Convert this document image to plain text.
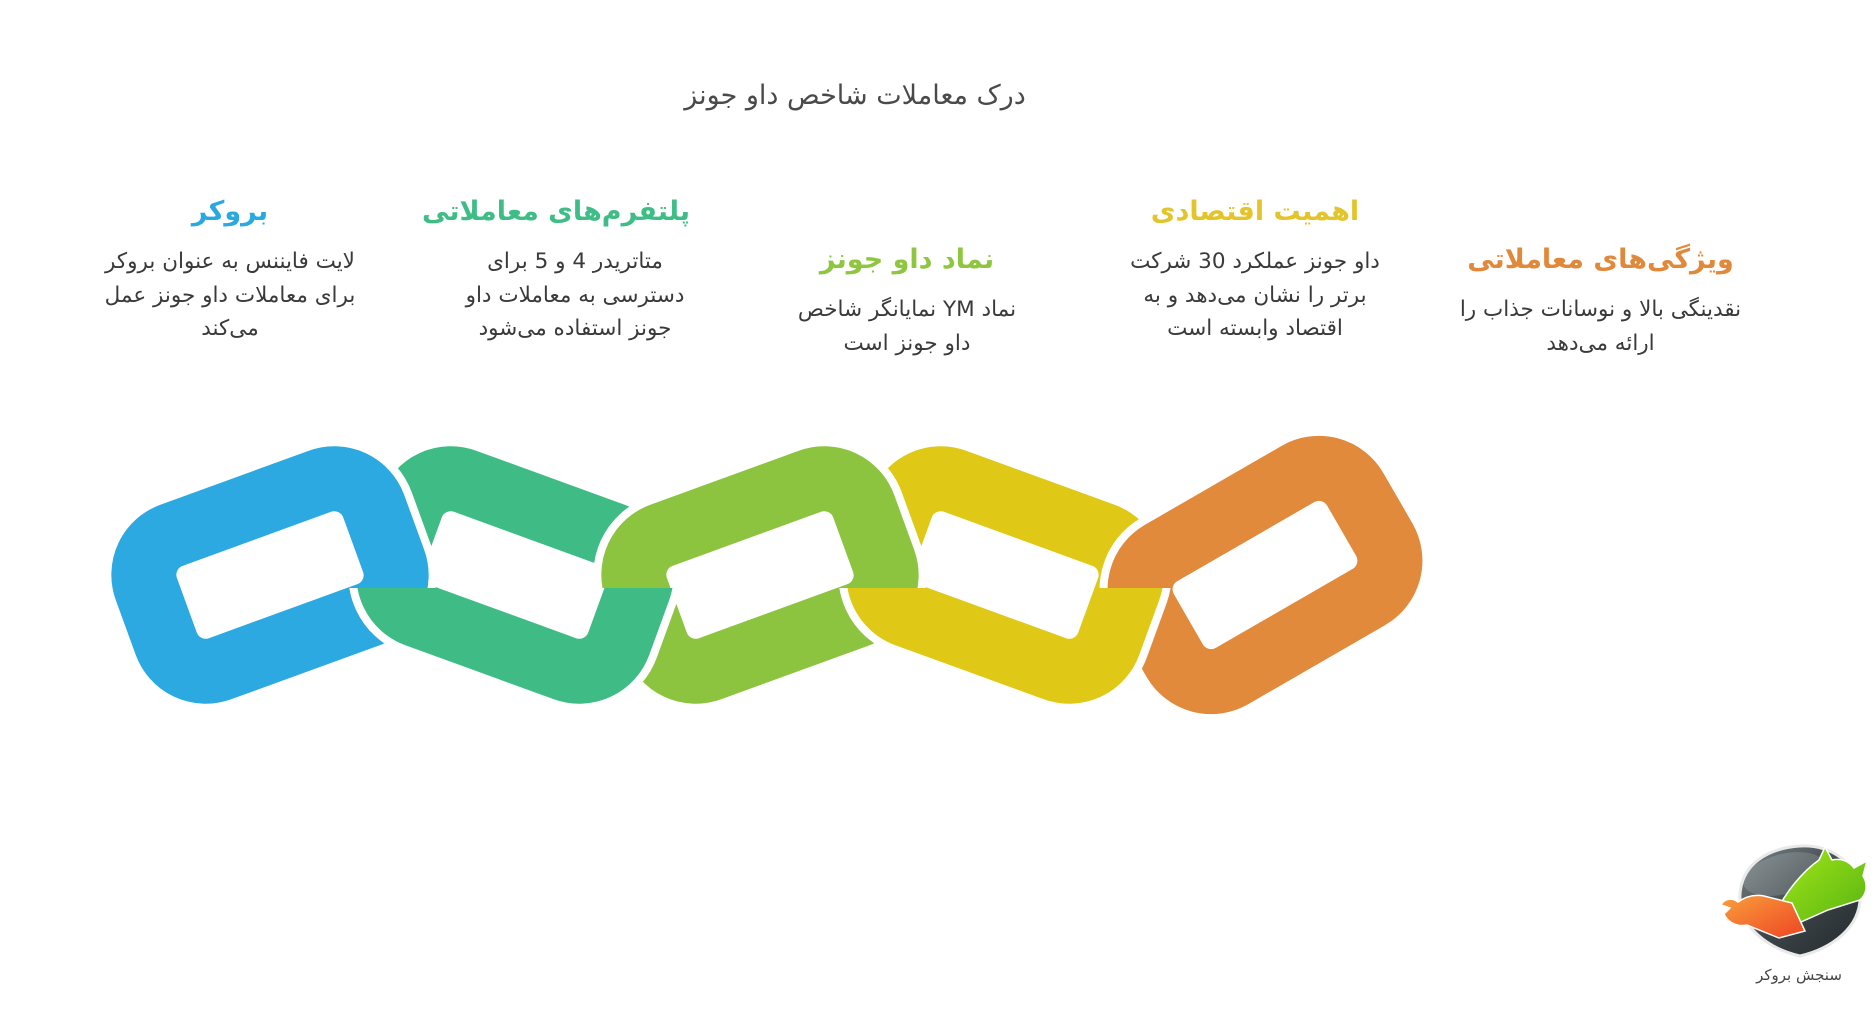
درک معاملات شاخص داو جونز
بروکر

لایت فایننس به عنوان بروکر برای معاملات داو جونز عمل می‌کند

پلتفرم‌های معاملاتی

متاتریدر 4 و 5 برای دسترسی به معاملات داو جونز استفاده می‌شود

نماد داو جونز

نماد YM نمایانگر شاخص داو جونز است

اهمیت اقتصادی

داو جونز عملکرد 30 شرکت برتر را نشان می‌دهد و به اقتصاد وابسته است

ویژگی‌های معاملاتی

نقدینگی بالا و نوسانات جذاب را ارائه می‌دهد

سنجش بروکر
